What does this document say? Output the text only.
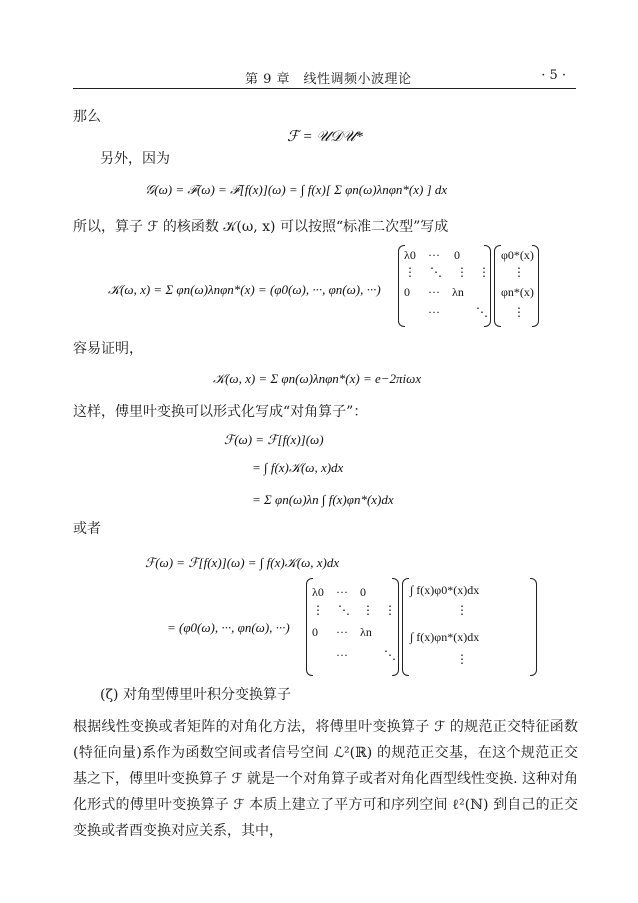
第 9 章　线性调频小波理论	· 5 ·
那么
ℱ = 𝒰𝒟𝒰*
另外，因为
𝒢(ω) = ℱ(ω) = ℱ[f(x)](ω) = ∫ f(x)[ Σ φn(ω)λnφn*(x) ] dx
所以，算子 ℱ 的核函数 𝒦(ω, x) 可以按照“标准二次型”写成
𝒦(ω, x) = Σ φn(ω)λnφn*(x) = (φ0(ω), ···, φn(ω), ···)
λ0 ··· 0
⋮ ⋱ ⋮ ⋮
0 ··· λn
···	⋱
φ0*(x)
⋮
φn*(x)
⋮
容易证明，
𝒦(ω, x) = Σ φn(ω)λnφn*(x) = e−2πiωx
这样，傅里叶变换可以形式化写成“对角算子”：
ℱ(ω) = ℱ[f(x)](ω)
= ∫ f(x)𝒦(ω, x)dx
= Σ φn(ω)λn ∫ f(x)φn*(x)dx
或者
ℱ(ω) = ℱ[f(x)](ω) = ∫ f(x)𝒦(ω, x)dx
= (φ0(ω), ···, φn(ω), ···)
λ0 ··· 0
⋮ ⋱ ⋮ ⋮
0 ··· λn
···	⋱
∫ f(x)φ0*(x)dx
⋮
∫ f(x)φn*(x)dx
⋮
(ζ) 对角型傅里叶积分变换算子
根据线性变换或者矩阵的对角化方法，将傅里叶变换算子 ℱ 的规范正交特征函数(特征向量)系作为函数空间或者信号空间 ℒ²(ℝ) 的规范正交基，在这个规范正交基之下，傅里叶变换算子 ℱ 就是一个对角算子或者对角化酉型线性变换. 这种对角化形式的傅里叶变换算子 ℱ 本质上建立了平方可和序列空间 ℓ²(ℕ) 到自己的正交变换或者酉变换对应关系，其中，
